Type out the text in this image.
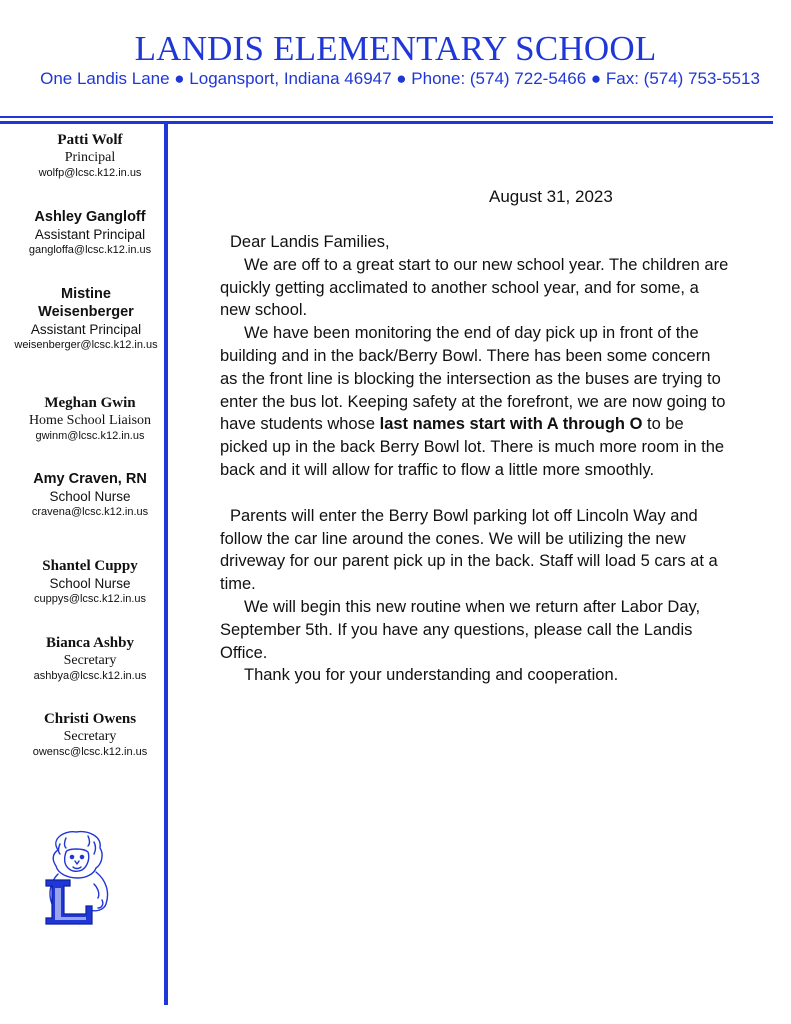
LANDIS ELEMENTARY SCHOOL
One Landis Lane ● Logansport, Indiana 46947 ● Phone: (574) 722-5466 ● Fax: (574) 753-5513
Patti Wolf
Principal
wolfp@lcsc.k12.in.us
Ashley Gangloff
Assistant Principal
gangloffa@lcsc.k12.in.us
Mistine Weisenberger
Assistant Principal
weisenberger@lcsc.k12.in.us
Meghan Gwin
Home School Liaison
gwinm@lcsc.k12.in.us
Amy Craven, RN
School Nurse
cravena@lcsc.k12.in.us
Shantel Cuppy
School Nurse
cuppys@lcsc.k12.in.us
Bianca Ashby
Secretary
ashbya@lcsc.k12.in.us
Christi Owens
Secretary
owensc@lcsc.k12.in.us
L
August 31, 2023

Dear Landis Families,

We are off to a great start to our new school year. The children are quickly getting acclimated to another school year, and for some, a new school.

We have been monitoring the end of day pick up in front of the building and in the back/Berry Bowl. There has been some concern as the front line is blocking the intersection as the buses are trying to enter the bus lot. Keeping safety at the forefront, we are now going to have students whose last names start with A through O to be picked up in the back Berry Bowl lot. There is much more room in the back and it will allow for traffic to flow a little more smoothly.

Parents will enter the Berry Bowl parking lot off Lincoln Way and follow the car line around the cones. We will be utilizing the new driveway for our parent pick up in the back. Staff will load 5 cars at a time.

We will begin this new routine when we return after Labor Day, September 5th. If you have any questions, please call the Landis Office.

Thank you for your understanding and cooperation.
